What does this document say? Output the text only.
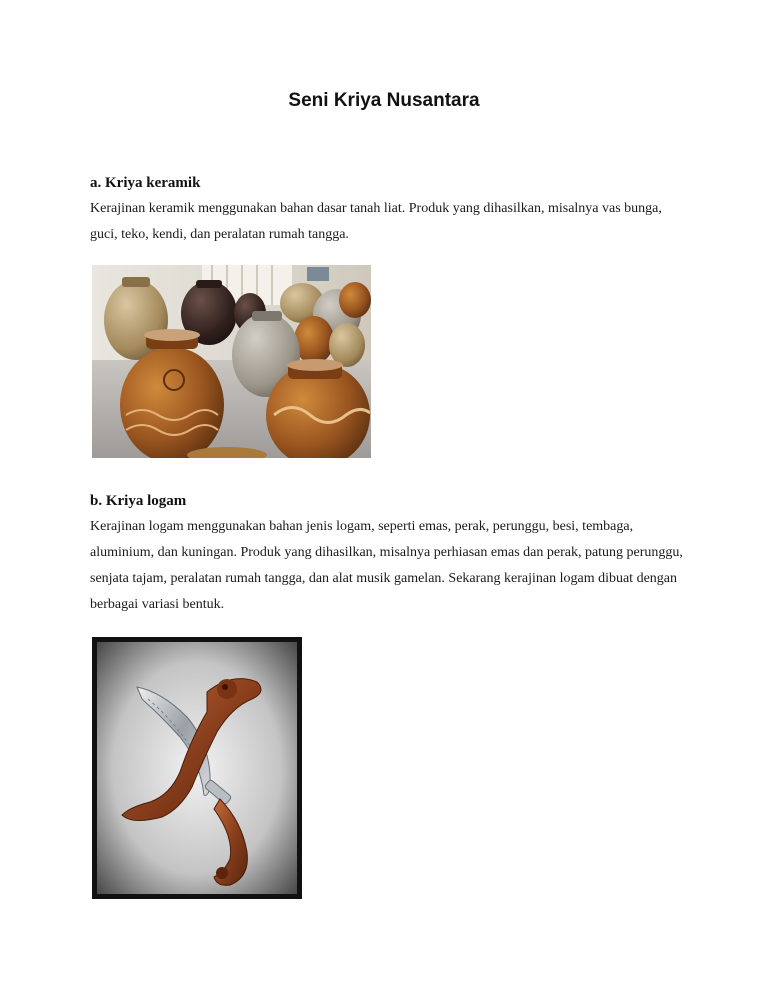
Seni Kriya Nusantara
a. Kriya keramik
Kerajinan keramik menggunakan bahan dasar tanah liat. Produk yang dihasilkan, misalnya vas bunga, guci, teko, kendi, dan peralatan rumah tangga.
b. Kriya logam
Kerajinan logam menggunakan bahan jenis logam, seperti emas, perak, perunggu, besi, tembaga, aluminium, dan kuningan. Produk yang dihasilkan, misalnya perhiasan emas dan perak, patung perunggu, senjata tajam, peralatan rumah tangga, dan alat musik gamelan. Sekarang kerajinan logam dibuat dengan berbagai variasi bentuk.
